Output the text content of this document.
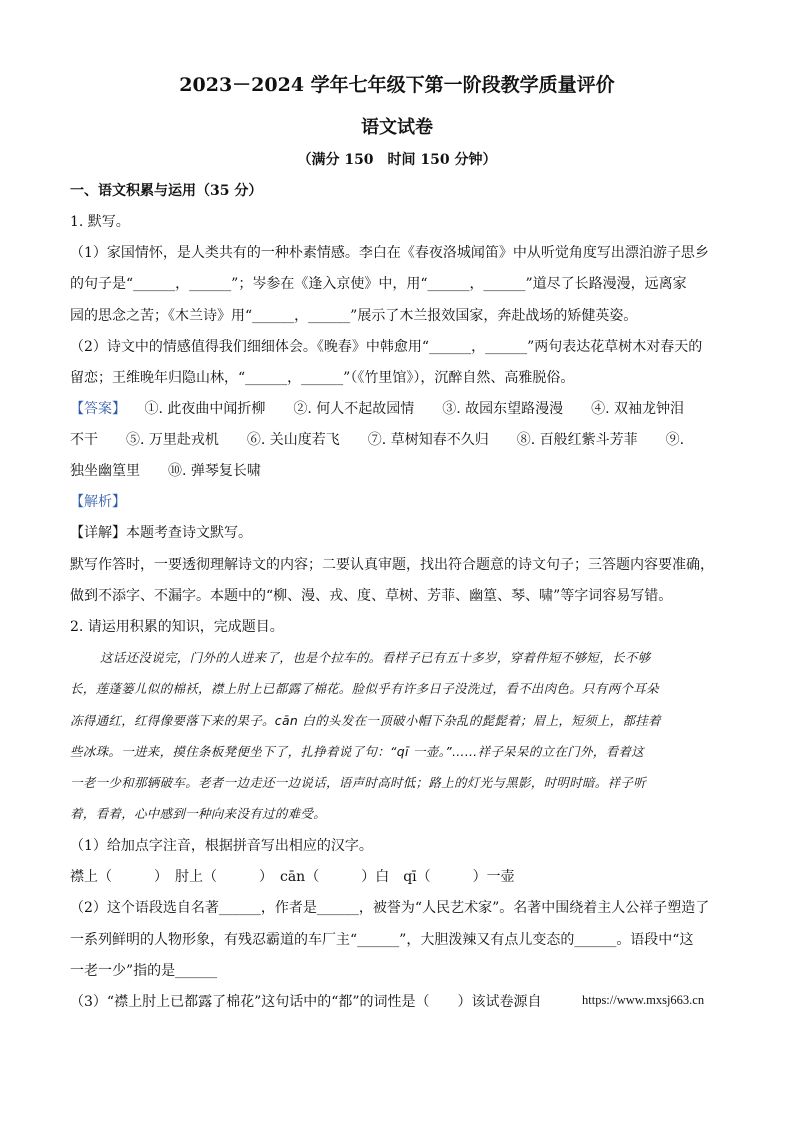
2023－2024 学年七年级下第一阶段教学质量评价
语文试卷
（满分 150　时间 150 分钟）
一、语文积累与运用（35 分）
1. 默写。
（1）家国情怀，是人类共有的一种朴素情感。李白在《春夜洛城闻笛》中从听觉角度写出漂泊游子思乡
的句子是“______，______”；岑参在《逢入京使》中，用“______，______”道尽了长路漫漫，远离家
园的思念之苦；《木兰诗》用“______，______”展示了木兰报效国家，奔赴战场的矫健英姿。
（2）诗文中的情感值得我们细细体会。《晚春》中韩愈用“______，______”两句表达花草树木对春天的
留恋；王维晚年归隐山林，“______，______”（《竹里馆》），沉醉自然、高雅脱俗。
【答案】 ①. 此夜曲中闻折柳　　②. 何人不起故园情　　③. 故园东望路漫漫　　④. 双袖龙钟泪
不干　　⑤. 万里赴戎机　　⑥. 关山度若飞　　⑦. 草树知春不久归　　⑧. 百般红紫斗芳菲　　⑨.
独坐幽篁里　　⑩. 弹琴复长啸
【解析】
【详解】本题考查诗文默写。
默写作答时，一要透彻理解诗文的内容；二要认真审题，找出符合题意的诗文句子；三答题内容要准确，
做到不添字、不漏字。本题中的“柳、漫、戎、度、草树、芳菲、幽篁、琴、啸”等字词容易写错。
2. 请运用积累的知识，完成题目。
这话还没说完，门外的人进来了，也是个拉车的。看样子已有五十多岁，穿着件短不够短，长不够
长，莲蓬篓儿似的棉袄，襟上肘上已都露了棉花。脸似乎有许多日子没洗过，看不出肉色。只有两个耳朵
冻得通红，红得像要落下来的果子。cān 白的头发在一顶破小帽下杂乱的髭髭着；眉上，短须上，都挂着
些冰珠。一进来，摸住条板凳便坐下了，扎挣着说了句：“qī 一壶。”……祥子呆呆的立在门外，看着这
一老一少和那辆破车。老者一边走还一边说话，语声时高时低；路上的灯光与黑影，时明时暗。祥子听
着，看着，心中感到一种向来没有过的难受。
（1）给加点字注音，根据拼音写出相应的汉字。
襟上（　　　）　肘上（　　　）　cān（　　　）白　qī（　　　）一壶
（2）这个语段选自名著______，作者是______，被誉为“人民艺术家”。名著中围绕着主人公祥子塑造了
一系列鲜明的人物形象，有残忍霸道的车厂主“______”，大胆泼辣又有点儿变态的______。语段中“这
一老一少”指的是______
（3）“襟上肘上已都露了棉花”这句话中的“都”的词性是（　　）该试卷源自	https://www.mxsj663.cn
